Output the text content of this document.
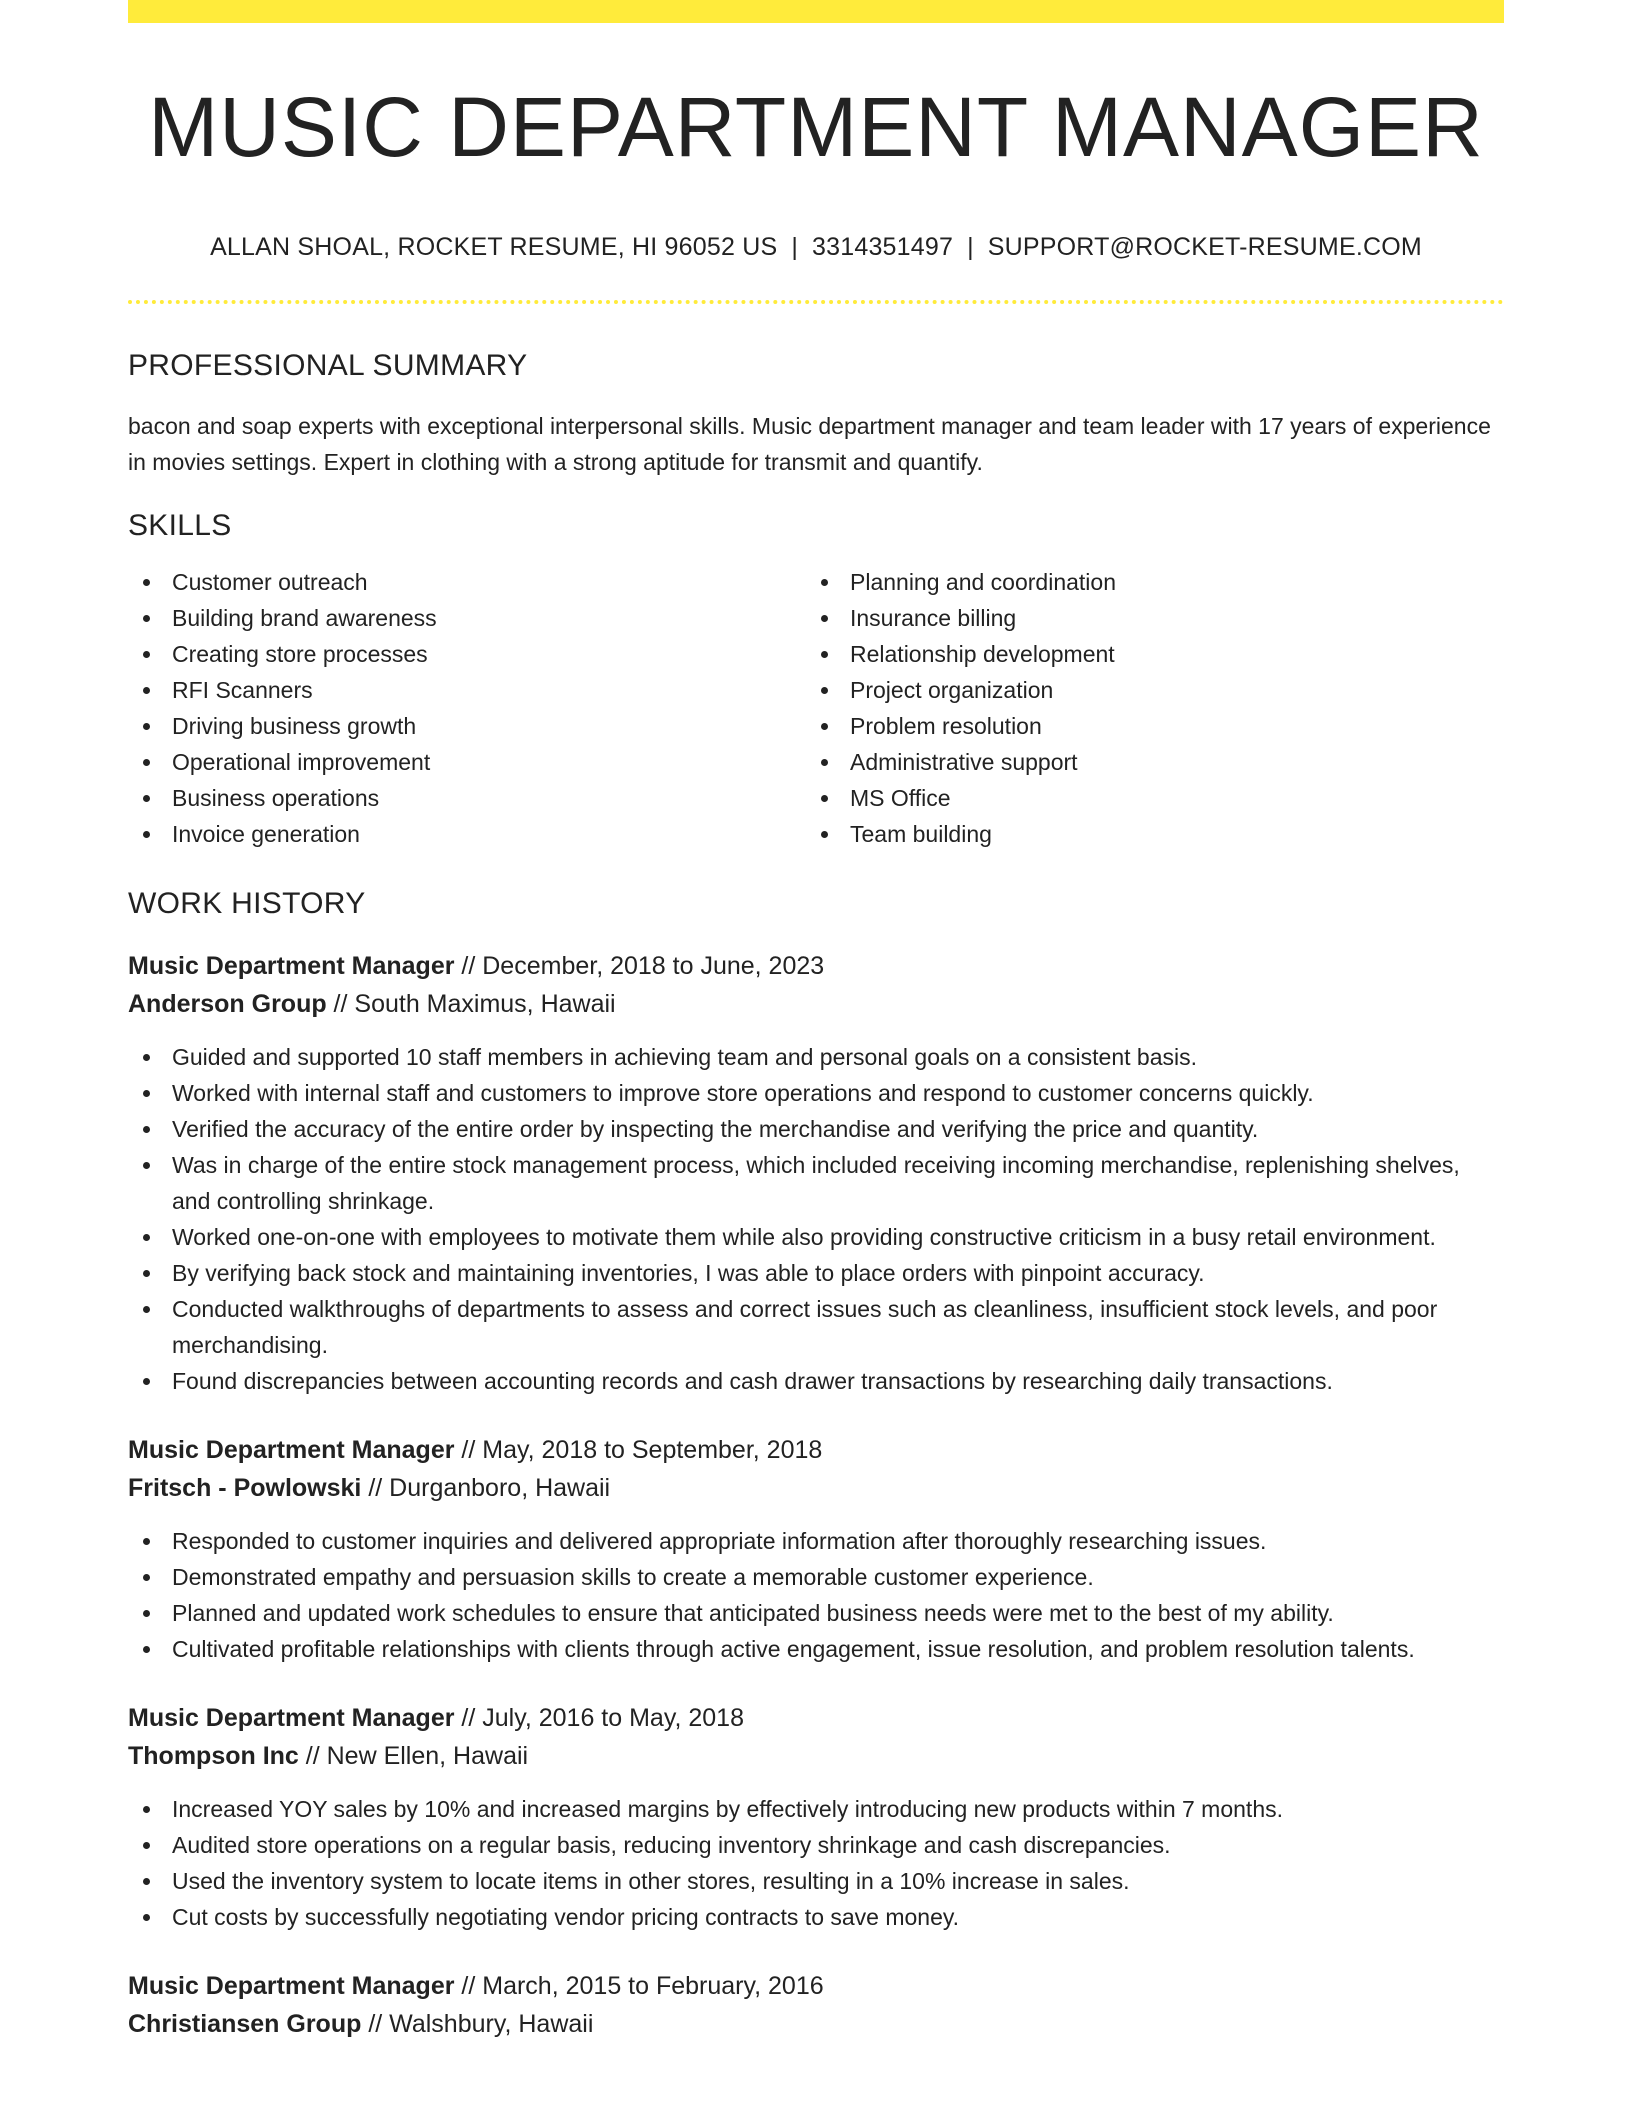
MUSIC DEPARTMENT MANAGER
ALLAN SHOAL, ROCKET RESUME, HI 96052 US | 3314351497 | SUPPORT@ROCKET-RESUME.COM
PROFESSIONAL SUMMARY
bacon and soap experts with exceptional interpersonal skills. Music department manager and team leader with 17 years of experience in movies settings. Expert in clothing with a strong aptitude for transmit and quantify.
SKILLS
Customer outreach
Building brand awareness
Creating store processes
RFI Scanners
Driving business growth
Operational improvement
Business operations
Invoice generation
Planning and coordination
Insurance billing
Relationship development
Project organization
Problem resolution
Administrative support
MS Office
Team building
WORK HISTORY
Music Department Manager // December, 2018 to June, 2023
Anderson Group // South Maximus, Hawaii
Guided and supported 10 staff members in achieving team and personal goals on a consistent basis.
Worked with internal staff and customers to improve store operations and respond to customer concerns quickly.
Verified the accuracy of the entire order by inspecting the merchandise and verifying the price and quantity.
Was in charge of the entire stock management process, which included receiving incoming merchandise, replenishing shelves, and controlling shrinkage.
Worked one-on-one with employees to motivate them while also providing constructive criticism in a busy retail environment.
By verifying back stock and maintaining inventories, I was able to place orders with pinpoint accuracy.
Conducted walkthroughs of departments to assess and correct issues such as cleanliness, insufficient stock levels, and poor merchandising.
Found discrepancies between accounting records and cash drawer transactions by researching daily transactions.
Music Department Manager // May, 2018 to September, 2018
Fritsch - Powlowski // Durganboro, Hawaii
Responded to customer inquiries and delivered appropriate information after thoroughly researching issues.
Demonstrated empathy and persuasion skills to create a memorable customer experience.
Planned and updated work schedules to ensure that anticipated business needs were met to the best of my ability.
Cultivated profitable relationships with clients through active engagement, issue resolution, and problem resolution talents.
Music Department Manager // July, 2016 to May, 2018
Thompson Inc // New Ellen, Hawaii
Increased YOY sales by 10% and increased margins by effectively introducing new products within 7 months.
Audited store operations on a regular basis, reducing inventory shrinkage and cash discrepancies.
Used the inventory system to locate items in other stores, resulting in a 10% increase in sales.
Cut costs by successfully negotiating vendor pricing contracts to save money.
Music Department Manager // March, 2015 to February, 2016
Christiansen Group // Walshbury, Hawaii
